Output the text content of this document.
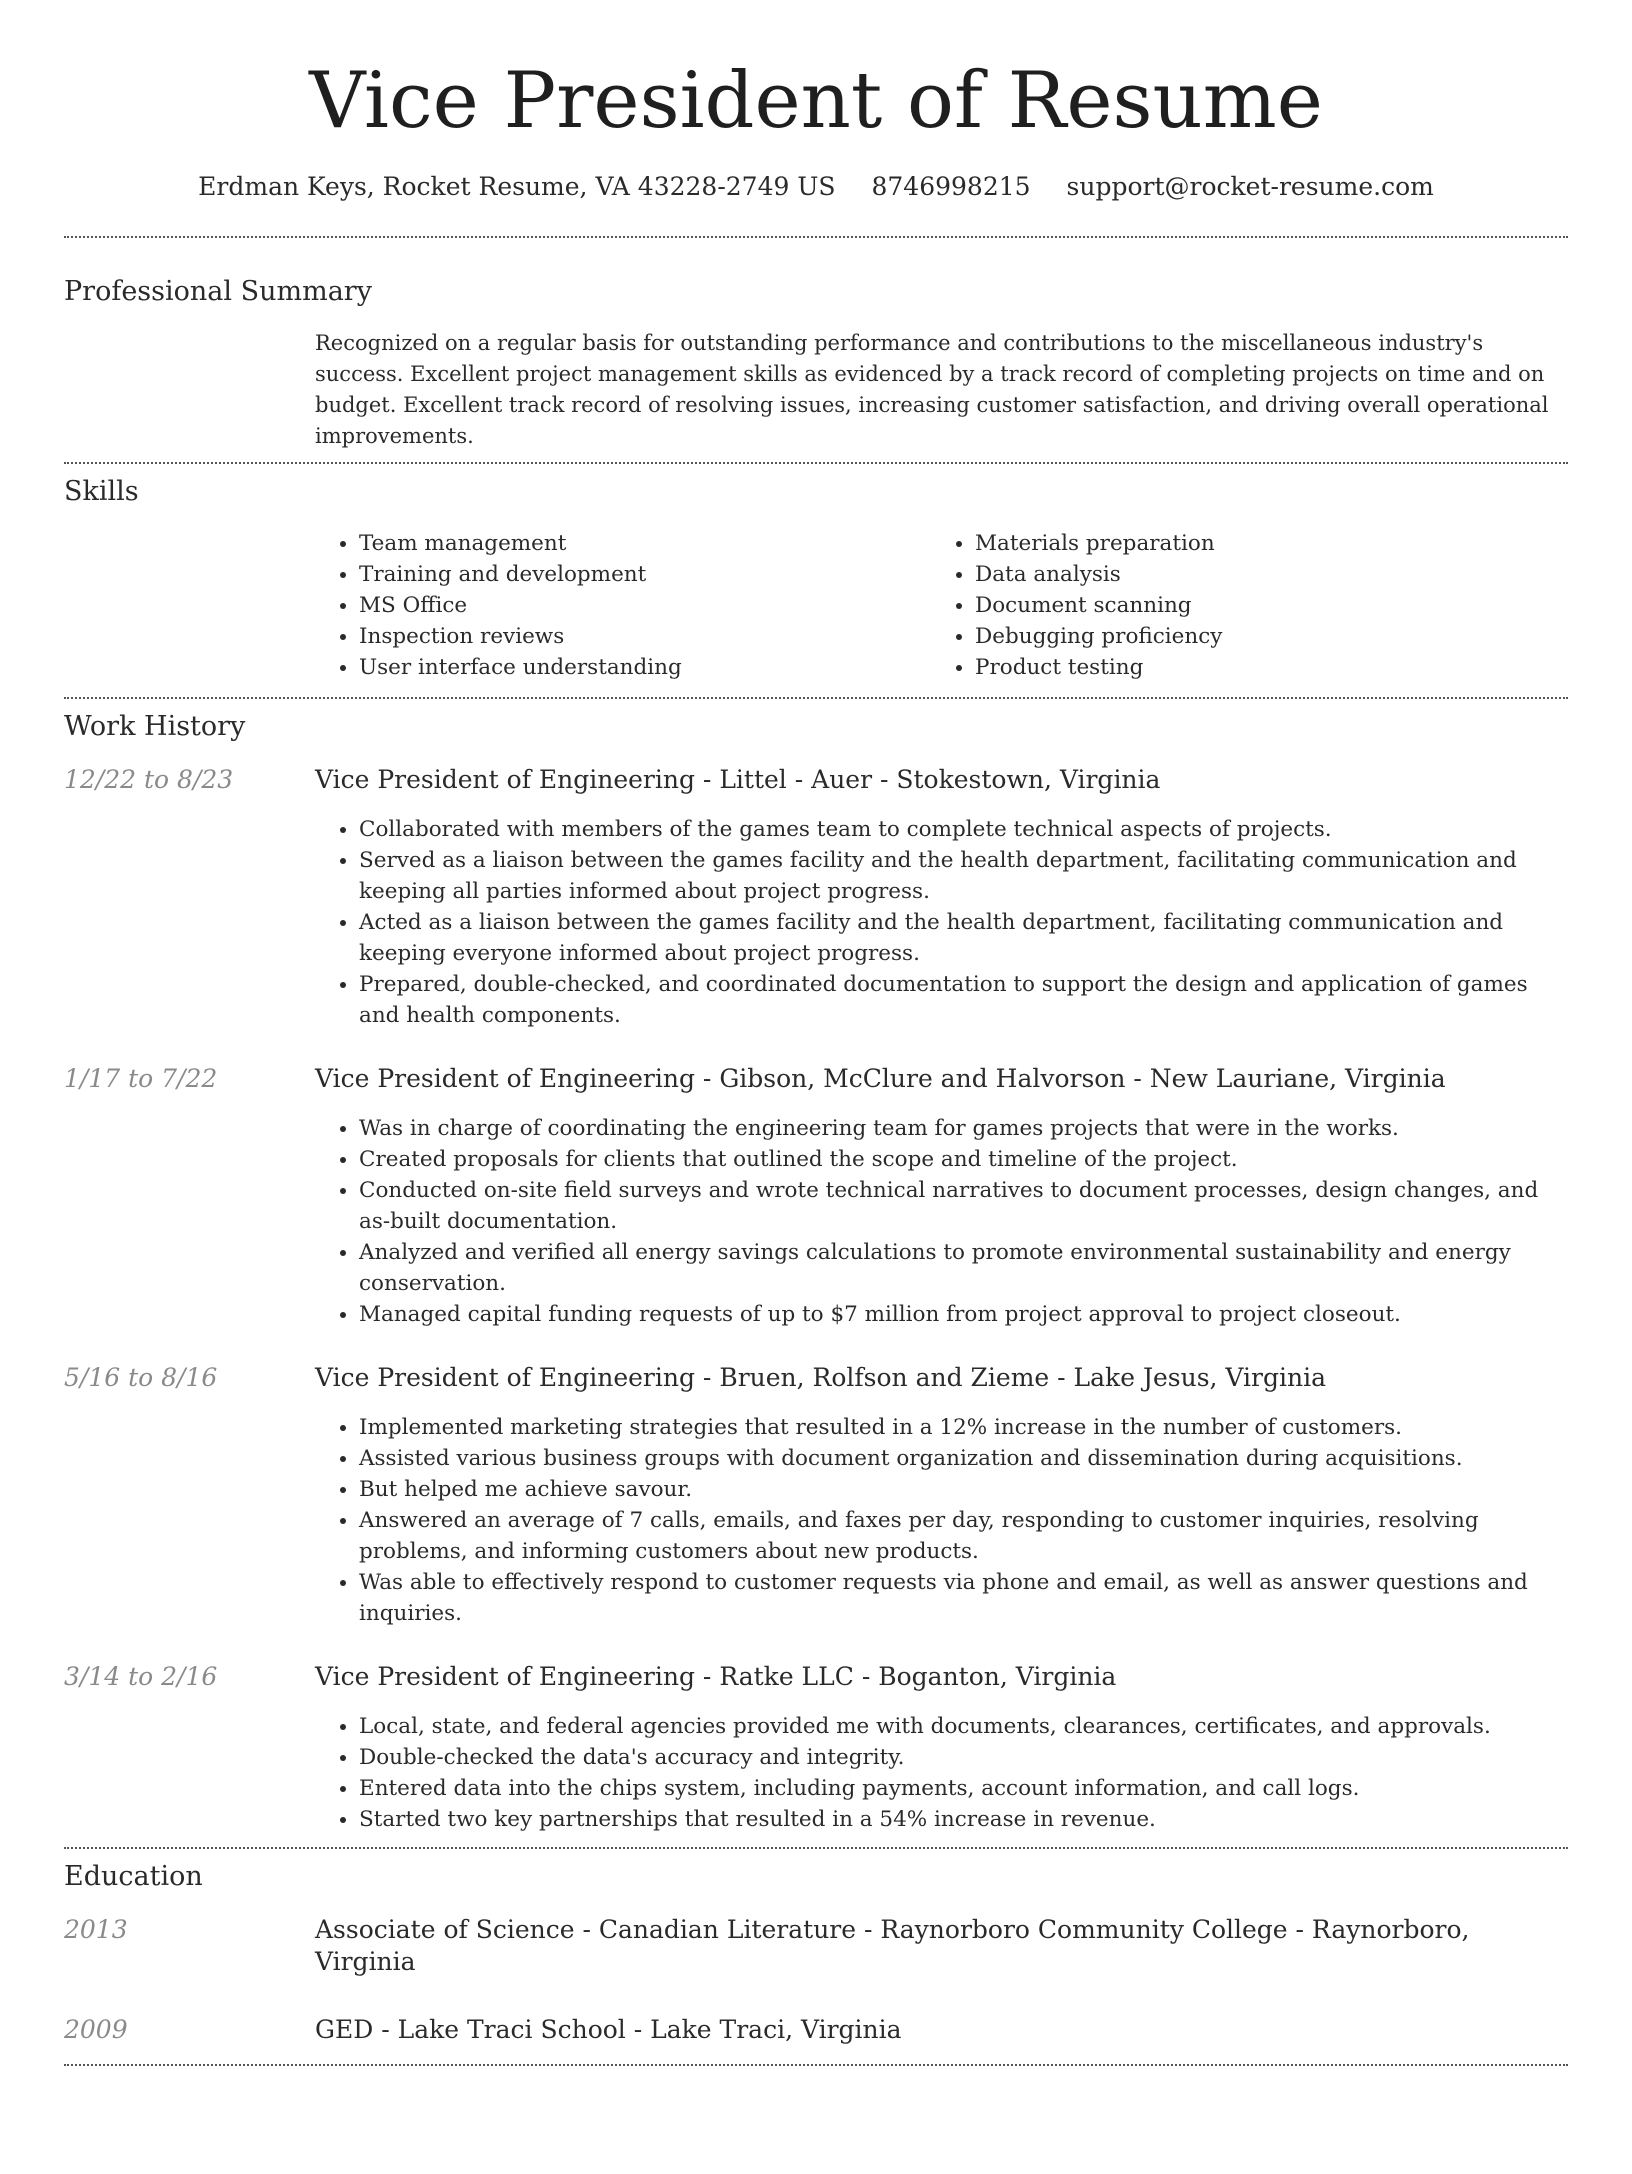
Vice President of Resume
Erdman Keys, Rocket Resume, VA 43228-2749 US 8746998215 support@rocket-resume.com
Professional Summary
Recognized on a regular basis for outstanding performance and contributions to the miscellaneous industry's success. Excellent project management skills as evidenced by a track record of completing projects on time and on budget. Excellent track record of resolving issues, increasing customer satisfaction, and driving overall operational improvements.
Skills
• Team management
• Training and development
• MS Office
• Inspection reviews
• User interface understanding
• Materials preparation
• Data analysis
• Document scanning
• Debugging proficiency
• Product testing
Work History
12/22 to 8/23	Vice President of Engineering - Littel - Auer - Stokestown, Virginia
• Collaborated with members of the games team to complete technical aspects of projects.
• Served as a liaison between the games facility and the health department, facilitating communication and keeping all parties informed about project progress.
• Acted as a liaison between the games facility and the health department, facilitating communication and keeping everyone informed about project progress.
• Prepared, double-checked, and coordinated documentation to support the design and application of games and health components.
1/17 to 7/22	Vice President of Engineering - Gibson, McClure and Halvorson - New Lauriane, Virginia
• Was in charge of coordinating the engineering team for games projects that were in the works.
• Created proposals for clients that outlined the scope and timeline of the project.
• Conducted on-site field surveys and wrote technical narratives to document processes, design changes, and as-built documentation.
• Analyzed and verified all energy savings calculations to promote environmental sustainability and energy conservation.
• Managed capital funding requests of up to $7 million from project approval to project closeout.
5/16 to 8/16	Vice President of Engineering - Bruen, Rolfson and Zieme - Lake Jesus, Virginia
• Implemented marketing strategies that resulted in a 12% increase in the number of customers.
• Assisted various business groups with document organization and dissemination during acquisitions.
• But helped me achieve savour.
• Answered an average of 7 calls, emails, and faxes per day, responding to customer inquiries, resolving problems, and informing customers about new products.
• Was able to effectively respond to customer requests via phone and email, as well as answer questions and inquiries.
3/14 to 2/16	Vice President of Engineering - Ratke LLC - Boganton, Virginia
• Local, state, and federal agencies provided me with documents, clearances, certificates, and approvals.
• Double-checked the data's accuracy and integrity.
• Entered data into the chips system, including payments, account information, and call logs.
• Started two key partnerships that resulted in a 54% increase in revenue.
Education
2013	Associate of Science - Canadian Literature - Raynorboro Community College - Raynorboro, Virginia
2009	GED - Lake Traci School - Lake Traci, Virginia
